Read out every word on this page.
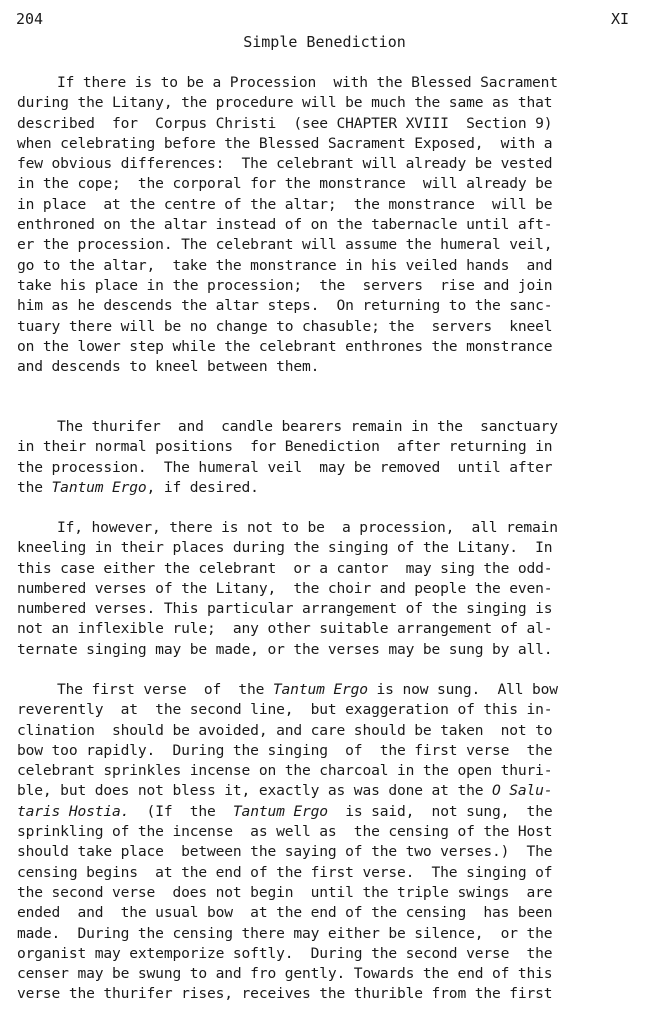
204	XI
Simple Benediction
If there is to be a Procession  with the Blessed Sacrament
during the Litany, the procedure will be much the same as that
described  for  Corpus Christi  (see CHAPTER XVIII  Section 9)
when celebrating before the Blessed Sacrament Exposed,  with a
few obvious differences:  The celebrant will already be vested
in the cope;  the corporal for the monstrance  will already be
in place  at the centre of the altar;  the monstrance  will be
enthroned on the altar instead of on the tabernacle until aft-
er the procession. The celebrant will assume the humeral veil,
go to the altar,  take the monstrance in his veiled hands  and
take his place in the procession;  the  servers  rise and join
him as he descends the altar steps.  On returning to the sanc-
tuary there will be no change to chasuble; the  servers  kneel
on the lower step while the celebrant enthrones the monstrance
and descends to kneel between them.
The thurifer  and  candle bearers remain in the  sanctuary
in their normal positions  for Benediction  after returning in
the procession.  The humeral veil  may be removed  until after
the Tantum Ergo, if desired.
If, however, there is not to be  a procession,  all remain
kneeling in their places during the singing of the Litany.  In
this case either the celebrant  or a cantor  may sing the odd-
numbered verses of the Litany,  the choir and people the even-
numbered verses. This particular arrangement of the singing is
not an inflexible rule;  any other suitable arrangement of al-
ternate singing may be made, or the verses may be sung by all.
The first verse  of  the Tantum Ergo is now sung.  All bow
reverently  at  the second line,  but exaggeration of this in-
clination  should be avoided, and care should be taken  not to
bow too rapidly.  During the singing  of  the first verse  the
celebrant sprinkles incense on the charcoal in the open thuri-
ble, but does not bless it, exactly as was done at the O Salu-
taris Hostia.  (If  the  Tantum Ergo  is said,  not sung,  the
sprinkling of the incense  as well as  the censing of the Host
should take place  between the saying of the two verses.)  The
censing begins  at the end of the first verse.  The singing of
the second verse  does not begin  until the triple swings  are
ended  and  the usual bow  at the end of the censing  has been
made.  During the censing there may either be silence,  or the
organist may extemporize softly.  During the second verse  the
censer may be swung to and fro gently. Towards the end of this
verse the thurifer rises, receives the thurible from the first
